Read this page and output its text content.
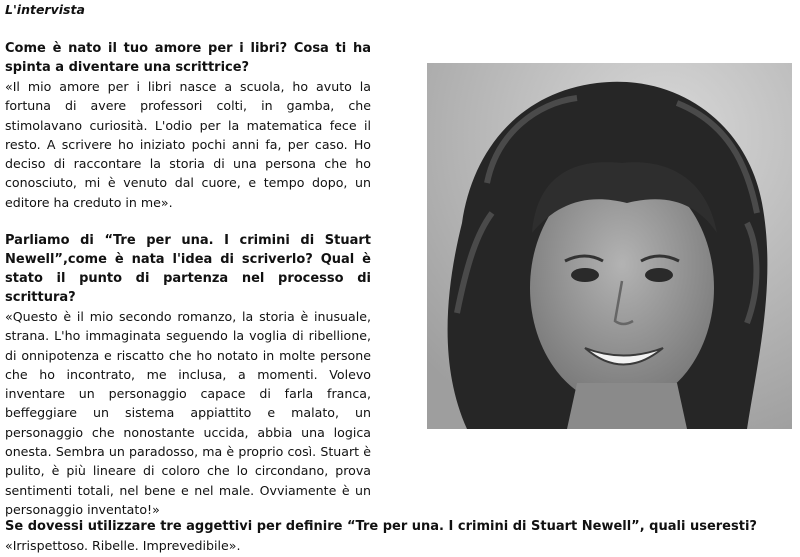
L'intervista

Come è nato il tuo amore per i libri? Cosa ti ha spinta a diventare una scrittrice?

«Il mio amore per i libri nasce a scuola, ho avuto la fortuna di avere professori colti, in gamba, che stimolavano curiosità. L'odio per la matematica fece il resto. A scrivere ho iniziato pochi anni fa, per caso. Ho deciso di raccontare la storia di una persona che ho conosciuto, mi è venuto dal cuore, e tempo dopo, un editore ha creduto in me».

Parliamo di “Tre per una. I crimini di Stuart Newell”,come è nata l'idea di scriverlo? Qual è stato il punto di partenza nel processo di scrittura?

«Questo è il mio secondo romanzo, la storia è inusuale, strana. L'ho immaginata seguendo la voglia di ribellione, di onnipotenza e riscatto che ho notato in molte persone che ho incontrato, me inclusa, a momenti. Volevo inventare un personaggio capace di farla franca, beffeggiare un sistema appiattito e malato, un personaggio che nonostante uccida, abbia una logica onesta. Sembra un paradosso, ma è proprio così. Stuart è pulito, è più lineare di coloro che lo circondano, prova sentimenti totali, nel bene e nel male. Ovviamente è un personaggio inventato!»

Se dovessi utilizzare tre aggettivi per definire “Tre per una. I crimini di Stuart Newell”, quali useresti?

«Irrispettoso. Ribelle. Imprevedibile».
